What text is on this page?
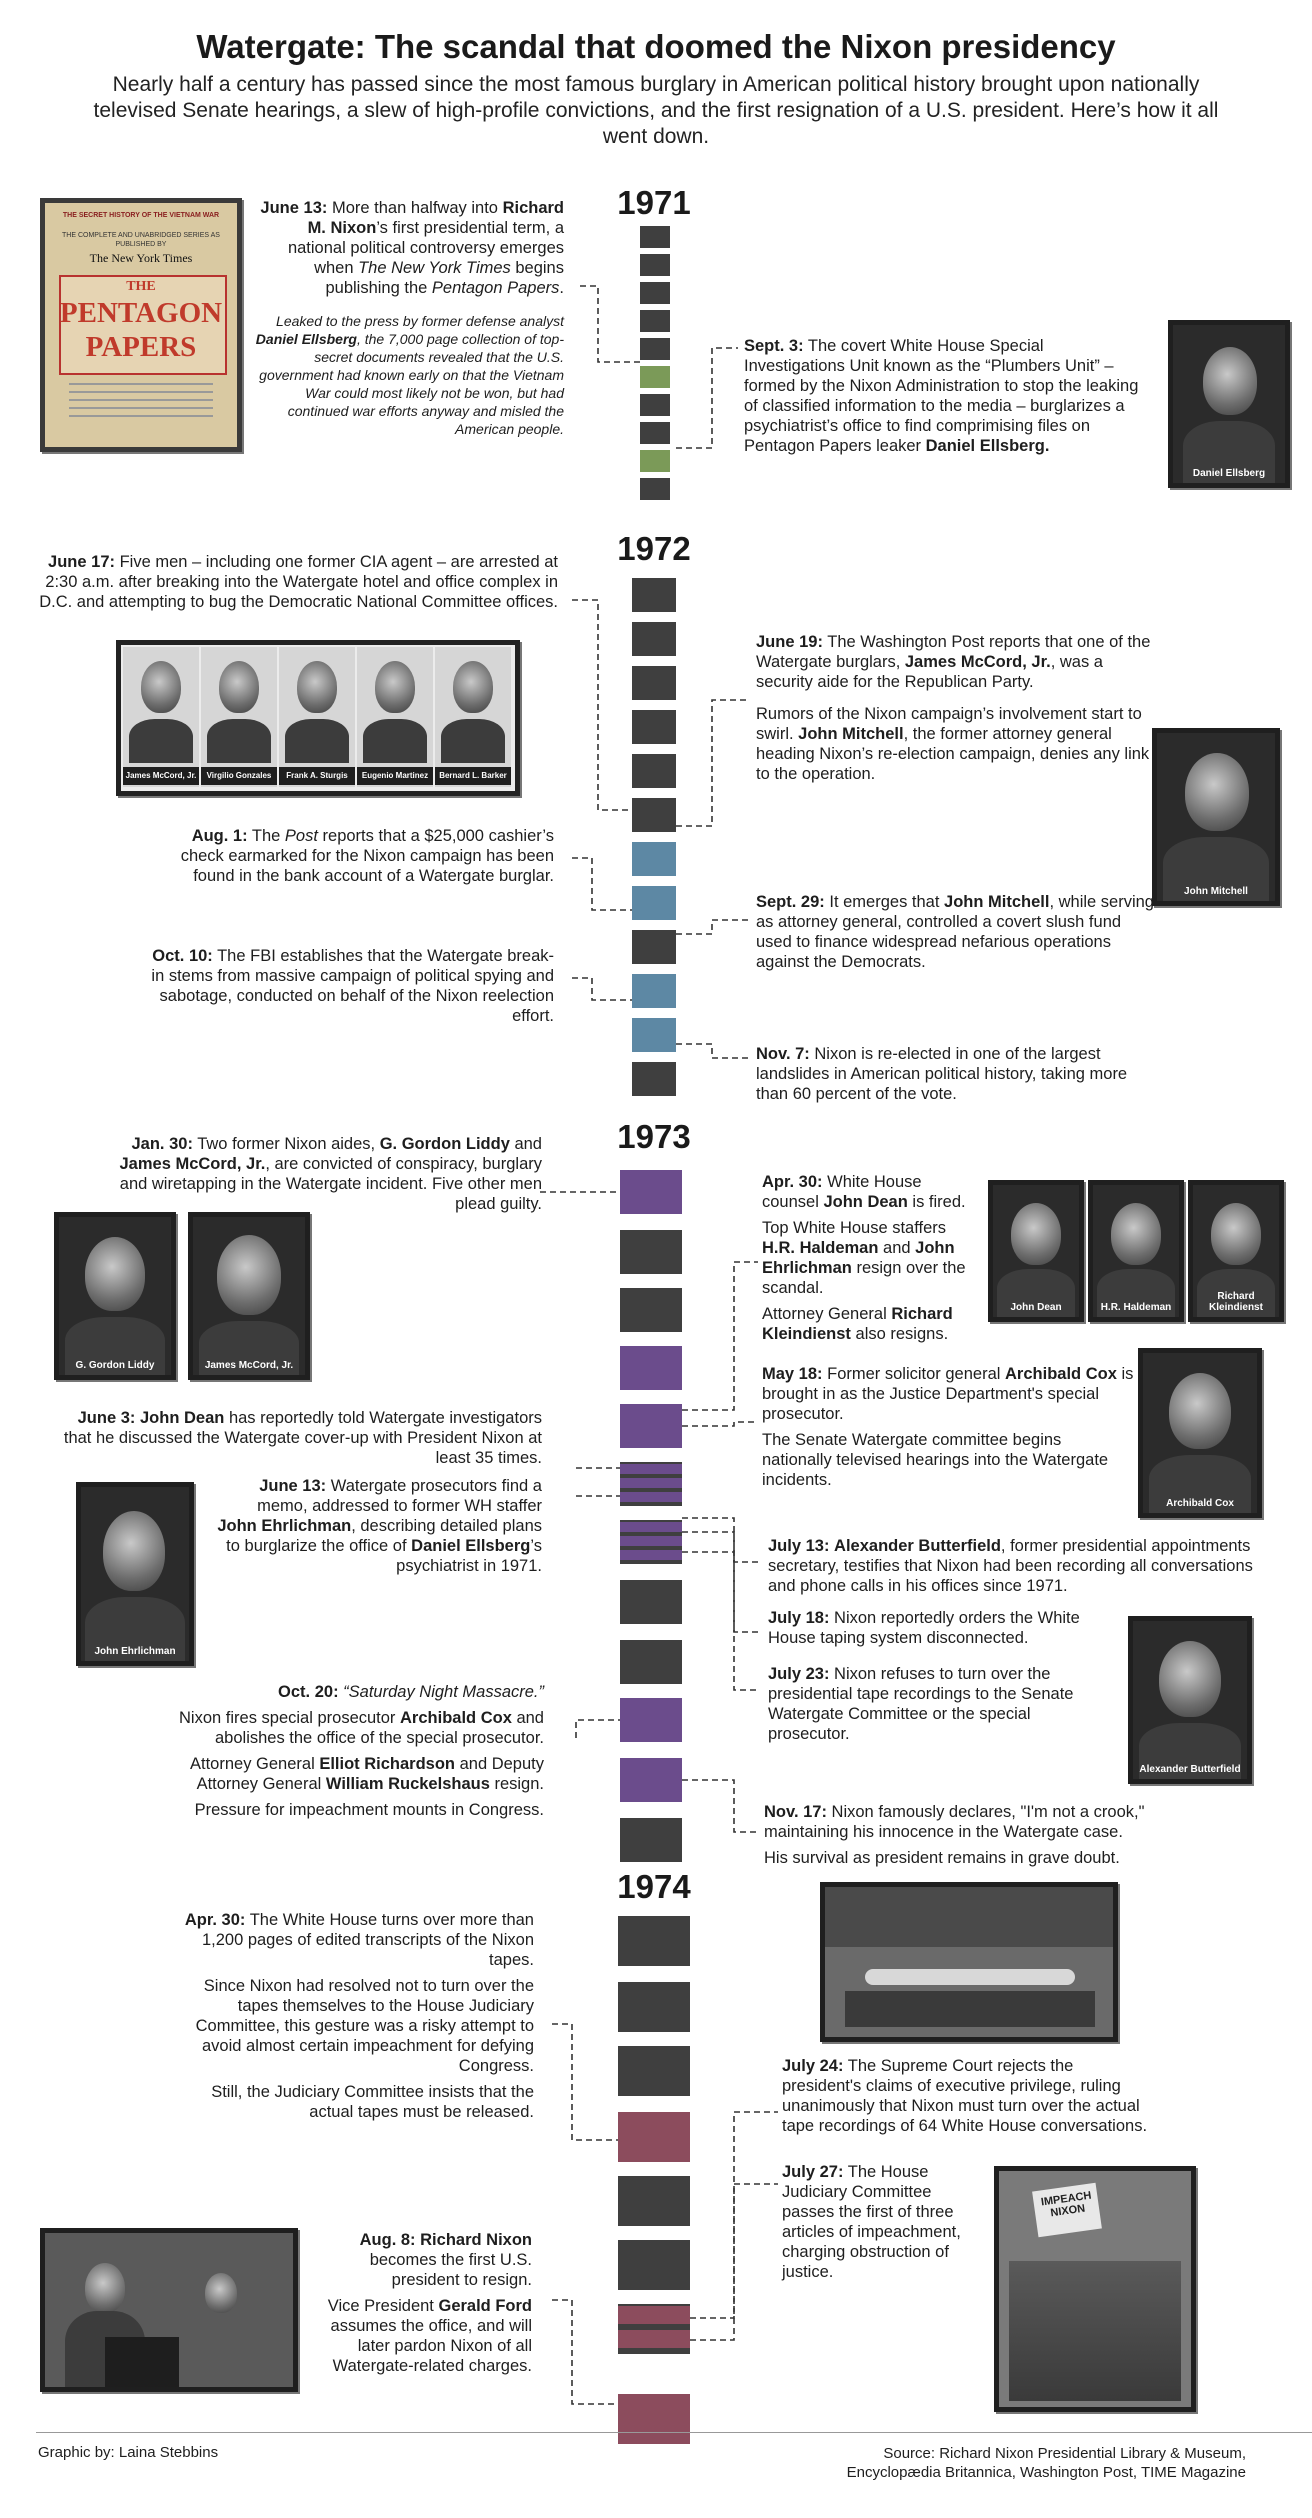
Watergate: The scandal that doomed the Nixon presidency
Nearly half a century has passed since the most famous burglary in American political history brought upon nationally televised Senate hearings, a slew of high-profile convictions, and the first resignation of a U.S. president. Here’s how it all went down.
1971
1972
1973
1974
THE SECRET HISTORY OF THE VIETNAM WAR
THE COMPLETE AND UNABRIDGED SERIES AS PUBLISHED BY
The New York Times
THE
PENTAGON
PAPERS

June 13: More than halfway into Richard M. Nixon’s first presidential term, a national political controversy emerges when The New York Times begins publishing the Pentagon Papers.

Leaked to the press by former defense analyst Daniel Ellsberg, the 7,000 page collection of top-secret documents revealed that the U.S. government had known early on that the Vietnam War could most likely not be won, but had continued war efforts anyway and misled the American people.

Sept. 3: The covert White House Special Investigations Unit known as the “Plumbers Unit” – formed by the Nixon Administration to stop the leaking of classified information to the media – burglarizes a psychiatrist’s office to find comprimising files on Pentagon Papers leaker Daniel Ellsberg.

Daniel Ellsberg

June 17: Five men – including one former CIA agent – are arrested at 2:30 a.m. after breaking into the Watergate hotel and office complex in D.C. and attempting to bug the Democratic National Committee offices.

James McCord, Jr.	Virgilio Gonzales	Frank A. Sturgis	Eugenio Martinez	Bernard L. Barker

June 19: The Washington Post reports that one of the Watergate burglars, James McCord, Jr., was a security aide for the Republican Party.

Rumors of the Nixon campaign’s involvement start to swirl. John Mitchell, the former attorney general heading Nixon’s re-election campaign, denies any link to the operation.

John Mitchell

Aug. 1: The Post reports that a $25,000 cashier’s check earmarked for the Nixon campaign has been found in the bank account of a Watergate burglar.

Sept. 29: It emerges that John Mitchell, while serving as attorney general, controlled a covert slush fund used to finance widespread nefarious operations against the Democrats.

Oct. 10: The FBI establishes that the Watergate break-in stems from massive campaign of political spying and sabotage, conducted on behalf of the Nixon reelection effort.

Nov. 7: Nixon is re-elected in one of the largest landslides in American political history, taking more than 60 percent of the vote.

Jan. 30: Two former Nixon aides, G. Gordon Liddy and James McCord, Jr., are convicted of conspiracy, burglary and wiretapping in the Watergate incident. Five other men plead guilty.

G. Gordon Liddy	James McCord, Jr.

Apr. 30: White House counsel John Dean is fired.

Top White House staffers H.R. Haldeman and John Ehrlichman resign over the scandal.

Attorney General Richard Kleindienst also resigns.

John Dean	H.R. Haldeman
Richard Kleindienst

May 18: Former solicitor general Archibald Cox is brought in as the Justice Department's special prosecutor.

The Senate Watergate committee begins nationally televised hearings into the Watergate incidents.

Archibald Cox

June 3: John Dean has reportedly told Watergate investigators that he discussed the Watergate cover-up with President Nixon at least 35 times.

John Ehrlichman

June 13: Watergate prosecutors find a memo, addressed to former WH staffer John Ehrlichman, describing detailed plans to burglarize the office of Daniel Ellsberg’s psychiatrist in 1971.

July 13: Alexander Butterfield, former presidential appointments secretary, testifies that Nixon had been recording all conversations and phone calls in his offices since 1971.

July 18: Nixon reportedly orders the White House taping system disconnected.

Alexander Butterfield

July 23: Nixon refuses to turn over the presidential tape recordings to the Senate Watergate Committee or the special prosecutor.

Oct. 20: “Saturday Night Massacre.”

Nixon fires special prosecutor Archibald Cox and abolishes the office of the special prosecutor.

Attorney General Elliot Richardson and Deputy Attorney General William Ruckelshaus resign.

Pressure for impeachment mounts in Congress.	Nov. 17: Nixon famously declares, "I'm not a crook," maintaining his innocence in the Watergate case.

His survival as president remains in grave doubt.

Apr. 30: The White House turns over more than 1,200 pages of edited transcripts of the Nixon tapes.

Since Nixon had resolved not to turn over the tapes themselves to the House Judiciary Committee, this gesture was a risky attempt to avoid almost certain impeachment for defying Congress.

Still, the Judiciary Committee insists that the actual tapes must be released.

July 24: The Supreme Court rejects the president's claims of executive privilege, ruling unanimously that Nixon must turn over the actual tape recordings of 64 White House conversations.

July 27: The House Judiciary Committee passes the first of three articles of impeachment, charging obstruction of justice.

IMPEACH NIXON

Aug. 8: Richard Nixon becomes the first U.S. president to resign.

Vice President Gerald Ford assumes the office, and will later pardon Nixon of all Watergate-related charges.

Graphic by: Laina Stebbins	Source: Richard Nixon Presidential Library & Museum,
Encyclopædia Britannica, Washington Post, TIME Magazine
